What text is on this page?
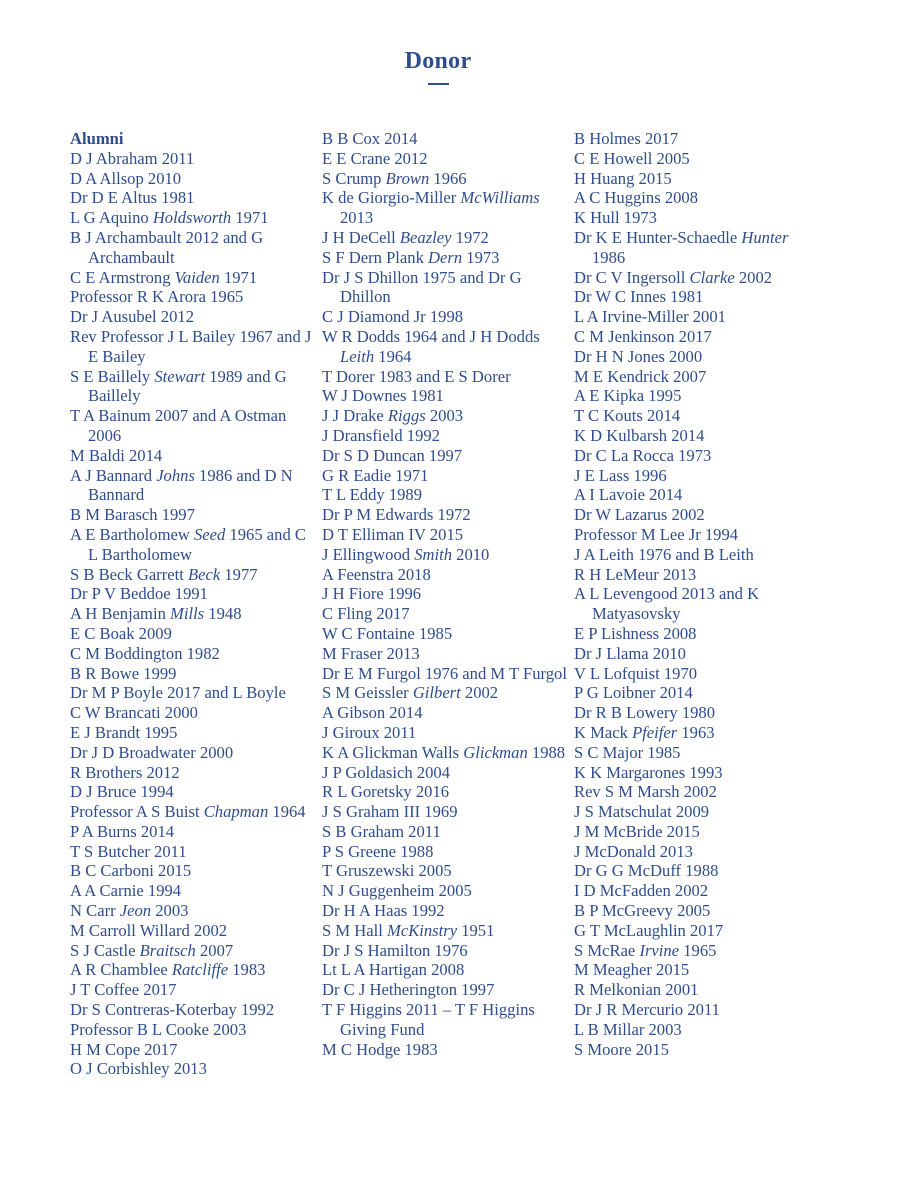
Donor
Alumni
D J Abraham 2011
D A Allsop 2010
Dr D E Altus 1981
L G Aquino Holdsworth 1971
B J Archambault 2012 and G Archambault
C E Armstrong Vaiden 1971
Professor R K Arora 1965
Dr J Ausubel 2012
Rev Professor J L Bailey 1967 and J E Bailey
S E Baillely Stewart 1989 and G Baillely
T A Bainum 2007 and A Ostman 2006
M Baldi 2014
A J Bannard Johns 1986 and D N Bannard
B M Barasch 1997
A E Bartholomew Seed 1965 and C L Bartholomew
S B Beck Garrett Beck 1977
Dr P V Beddoe 1991
A H Benjamin Mills 1948
E C Boak 2009
C M Boddington 1982
B R Bowe 1999
Dr M P Boyle 2017 and L Boyle
C W Brancati 2000
E J Brandt 1995
Dr J D Broadwater 2000
R Brothers 2012
D J Bruce 1994
Professor A S Buist Chapman 1964
P A Burns 2014
T S Butcher 2011
B C Carboni 2015
A A Carnie 1994
N Carr Jeon 2003
M Carroll Willard 2002
S J Castle Braitsch 2007
A R Chamblee Ratcliffe 1983
J T Coffee 2017
Dr S Contreras-Koterbay 1992
Professor B L Cooke 2003
H M Cope 2017
O J Corbishley 2013
B B Cox 2014
E E Crane 2012
S Crump Brown 1966
K de Giorgio-Miller McWilliams 2013
J H DeCell Beazley 1972
S F Dern Plank Dern 1973
Dr J S Dhillon 1975 and Dr G Dhillon
C J Diamond Jr 1998
W R Dodds 1964 and J H Dodds Leith 1964
T Dorer 1983 and E S Dorer
W J Downes 1981
J J Drake Riggs 2003
J Dransfield 1992
Dr S D Duncan 1997
G R Eadie 1971
T L Eddy 1989
Dr P M Edwards 1972
D T Elliman IV 2015
J Ellingwood Smith 2010
A Feenstra 2018
J H Fiore 1996
C Fling 2017
W C Fontaine 1985
M Fraser 2013
Dr E M Furgol 1976 and M T Furgol
S M Geissler Gilbert 2002
A Gibson 2014
J Giroux 2011
K A Glickman Walls Glickman 1988
J P Goldasich 2004
R L Goretsky 2016
J S Graham III 1969
S B Graham 2011
P S Greene 1988
T Gruszewski 2005
N J Guggenheim 2005
Dr H A Haas 1992
S M Hall McKinstry 1951
Dr J S Hamilton 1976
Lt L A Hartigan 2008
Dr C J Hetherington 1997
T F Higgins 2011 – T F Higgins Giving Fund
M C Hodge 1983
B Holmes 2017
C E Howell 2005
H Huang 2015
A C Huggins 2008
K Hull 1973
Dr K E Hunter-Schaedle Hunter 1986
Dr C V Ingersoll Clarke 2002
Dr W C Innes 1981
L A Irvine-Miller 2001
C M Jenkinson 2017
Dr H N Jones 2000
M E Kendrick 2007
A E Kipka 1995
T C Kouts 2014
K D Kulbarsh 2014
Dr C La Rocca 1973
J E Lass 1996
A I Lavoie 2014
Dr W Lazarus 2002
Professor M Lee Jr 1994
J A Leith 1976 and B Leith
R H LeMeur 2013
A L Levengood 2013 and K Matyasovsky
E P Lishness 2008
Dr J Llama 2010
V L Lofquist 1970
P G Loibner 2014
Dr R B Lowery 1980
K Mack Pfeifer 1963
S C Major 1985
K K Margarones 1993
Rev S M Marsh 2002
J S Matschulat 2009
J M McBride 2015
J McDonald 2013
Dr G G McDuff 1988
I D McFadden 2002
B P McGreevy 2005
G T McLaughlin 2017
S McRae Irvine 1965
M Meagher 2015
R Melkonian 2001
Dr J R Mercurio 2011
L B Millar 2003
S Moore 2015
